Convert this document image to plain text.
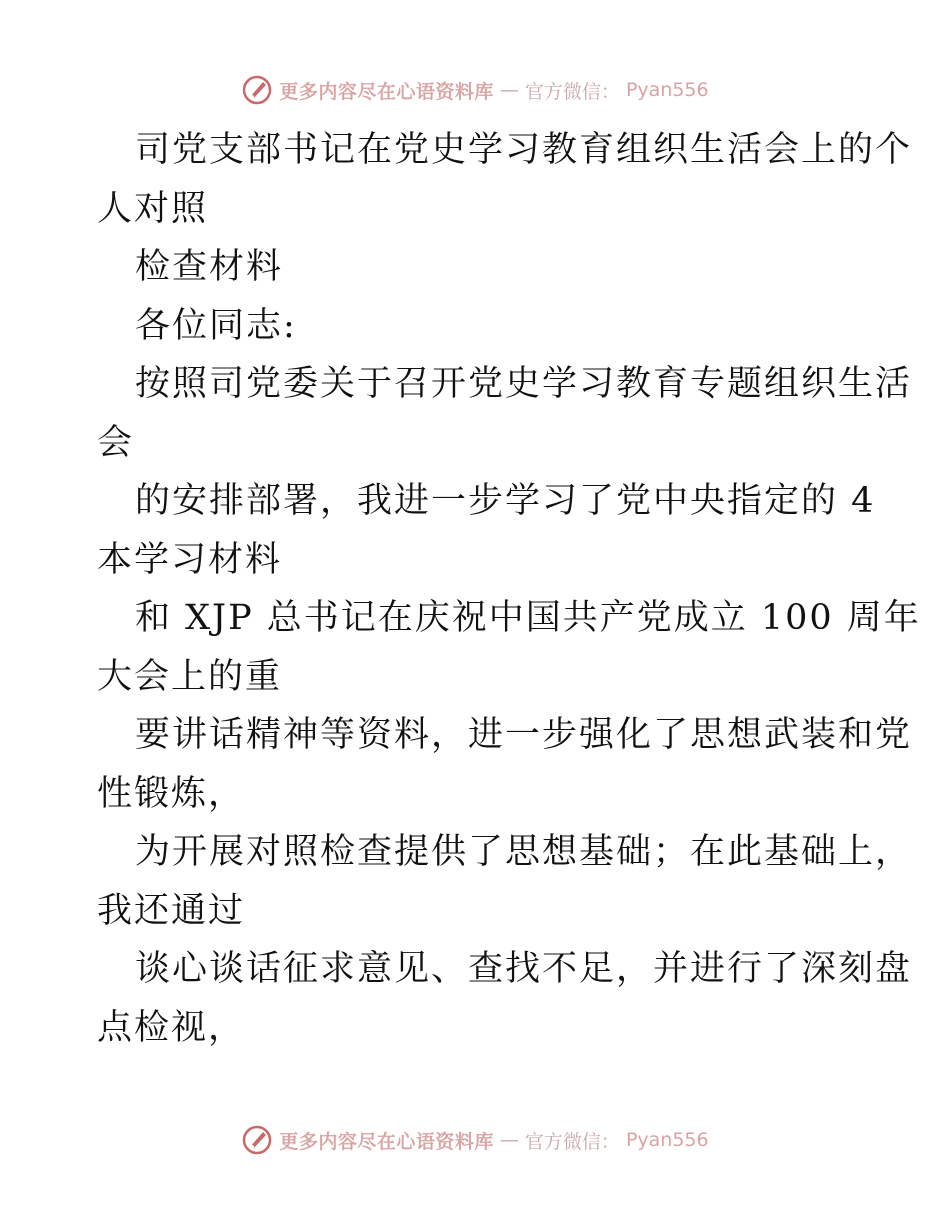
更多内容尽在心语资料库 — 官方微信： Pyan556
司党支部书记在党史学习教育组织生活会上的个
人对照
检查材料
各位同志:
按照司党委关于召开党史学习教育专题组织生活
会
的安排部署，我进一步学习了党中央指定的 4
本学习材料
和 XJP 总书记在庆祝中国共产党成立 100 周年
大会上的重
要讲话精神等资料，进一步强化了思想武装和党
性锻炼，
为开展对照检查提供了思想基础；在此基础上，
我还通过
谈心谈话征求意见、查找不足，并进行了深刻盘
点检视，
更多内容尽在心语资料库 — 官方微信： Pyan556
